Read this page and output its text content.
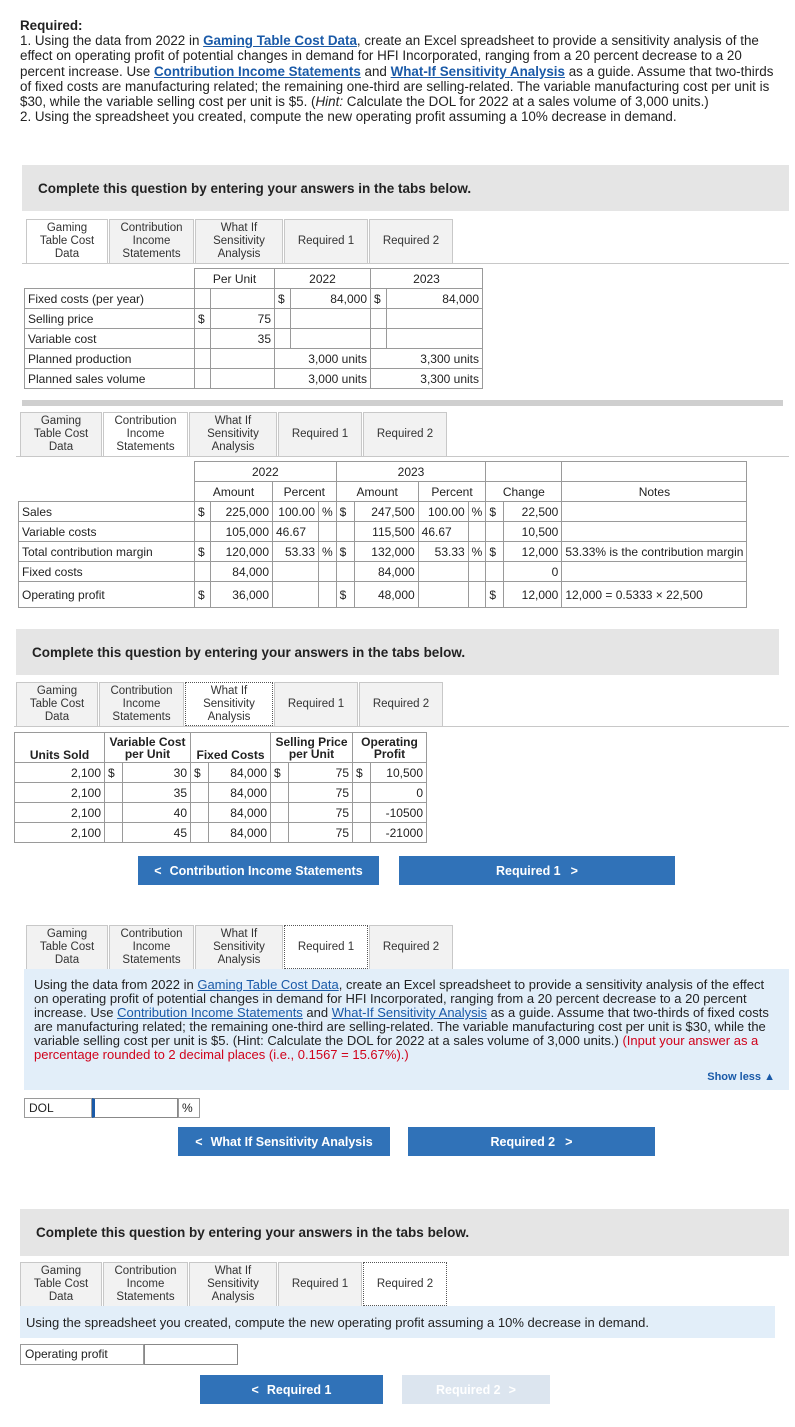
Required:
1. Using the data from 2022 in Gaming Table Cost Data, create an Excel spreadsheet to provide a sensitivity analysis of the effect on operating profit of potential changes in demand for HFI Incorporated, ranging from a 20 percent decrease to a 20 percent increase. Use Contribution Income Statements and What-If Sensitivity Analysis as a guide. Assume that two-thirds of fixed costs are manufacturing related; the remaining one-third are selling-related. The variable manufacturing cost per unit is $30, while the variable selling cost per unit is $5. (Hint: Calculate the DOL for 2022 at a sales volume of 3,000 units.)
2. Using the spreadsheet you created, compute the new operating profit assuming a 10% decrease in demand.
Complete this question by entering your answers in the tabs below.
Gaming Table Cost Data
Contribution Income Statements
What If Sensitivity Analysis
Required 1	Required 2
	Per Unit		2022		2023	
Fixed costs (per year)			$	84,000	$	84,000
Selling price	$	75				
Variable cost		35				
Planned production			3,000 units		3,300 units	
Planned sales volume			3,000 units		3,300 units	
Gaming Table Cost Data
Contribution Income Statements
What If Sensitivity Analysis
Required 1	Required 2
	2022				2023						
	Amount		Percent		Amount		Percent		Change		Notes
Sales	$	225,000	100.00	%	$	247,500	100.00	%	$	22,500	
Variable costs		105,000	46.67			115,500	46.67			10,500	
Total contribution margin	$	120,000	53.33	%	$	132,000	53.33	%	$	12,000	53.33% is the contribution margin
Fixed costs		84,000				84,000				0	
Operating profit	$	36,000			$	48,000			$	12,000	12,000 = 0.5333 × 22,500
Complete this question by entering your answers in the tabs below.
Gaming Table Cost Data
Contribution Income Statements
What If Sensitivity Analysis
Required 1	Required 2
Units Sold	Variable Cost per Unit		Fixed Costs		Selling Price per Unit		Operating Profit	
2,100	$	30	$	84,000	$	75	$	10,500
2,100		35		84,000		75		0
2,100		40		84,000		75		-10500
2,100		45		84,000		75		-21000
< Contribution Income Statements	Required 1 >
Gaming Table Cost Data
Contribution Income Statements
What If Sensitivity Analysis
Required 1	Required 2
Using the data from 2022 in Gaming Table Cost Data, create an Excel spreadsheet to provide a sensitivity analysis of the effect on operating profit of potential changes in demand for HFI Incorporated, ranging from a 20 percent decrease to a 20 percent increase. Use Contribution Income Statements and What-If Sensitivity Analysis as a guide. Assume that two-thirds of fixed costs are manufacturing related; the remaining one-third are selling-related. The variable manufacturing cost per unit is $30, while the variable selling cost per unit is $5. (Hint: Calculate the DOL for 2022 at a sales volume of 3,000 units.) (Input your answer as a percentage rounded to 2 decimal places (i.e., 0.1567 = 15.67%).)
Show less ▲
DOL	%
< What If Sensitivity Analysis	Required 2 >
Complete this question by entering your answers in the tabs below.
Gaming Table Cost Data
Contribution Income Statements
What If Sensitivity Analysis
Required 1	Required 2
Using the spreadsheet you created, compute the new operating profit assuming a 10% decrease in demand.
Operating profit
< Required 1	Required 2 >
